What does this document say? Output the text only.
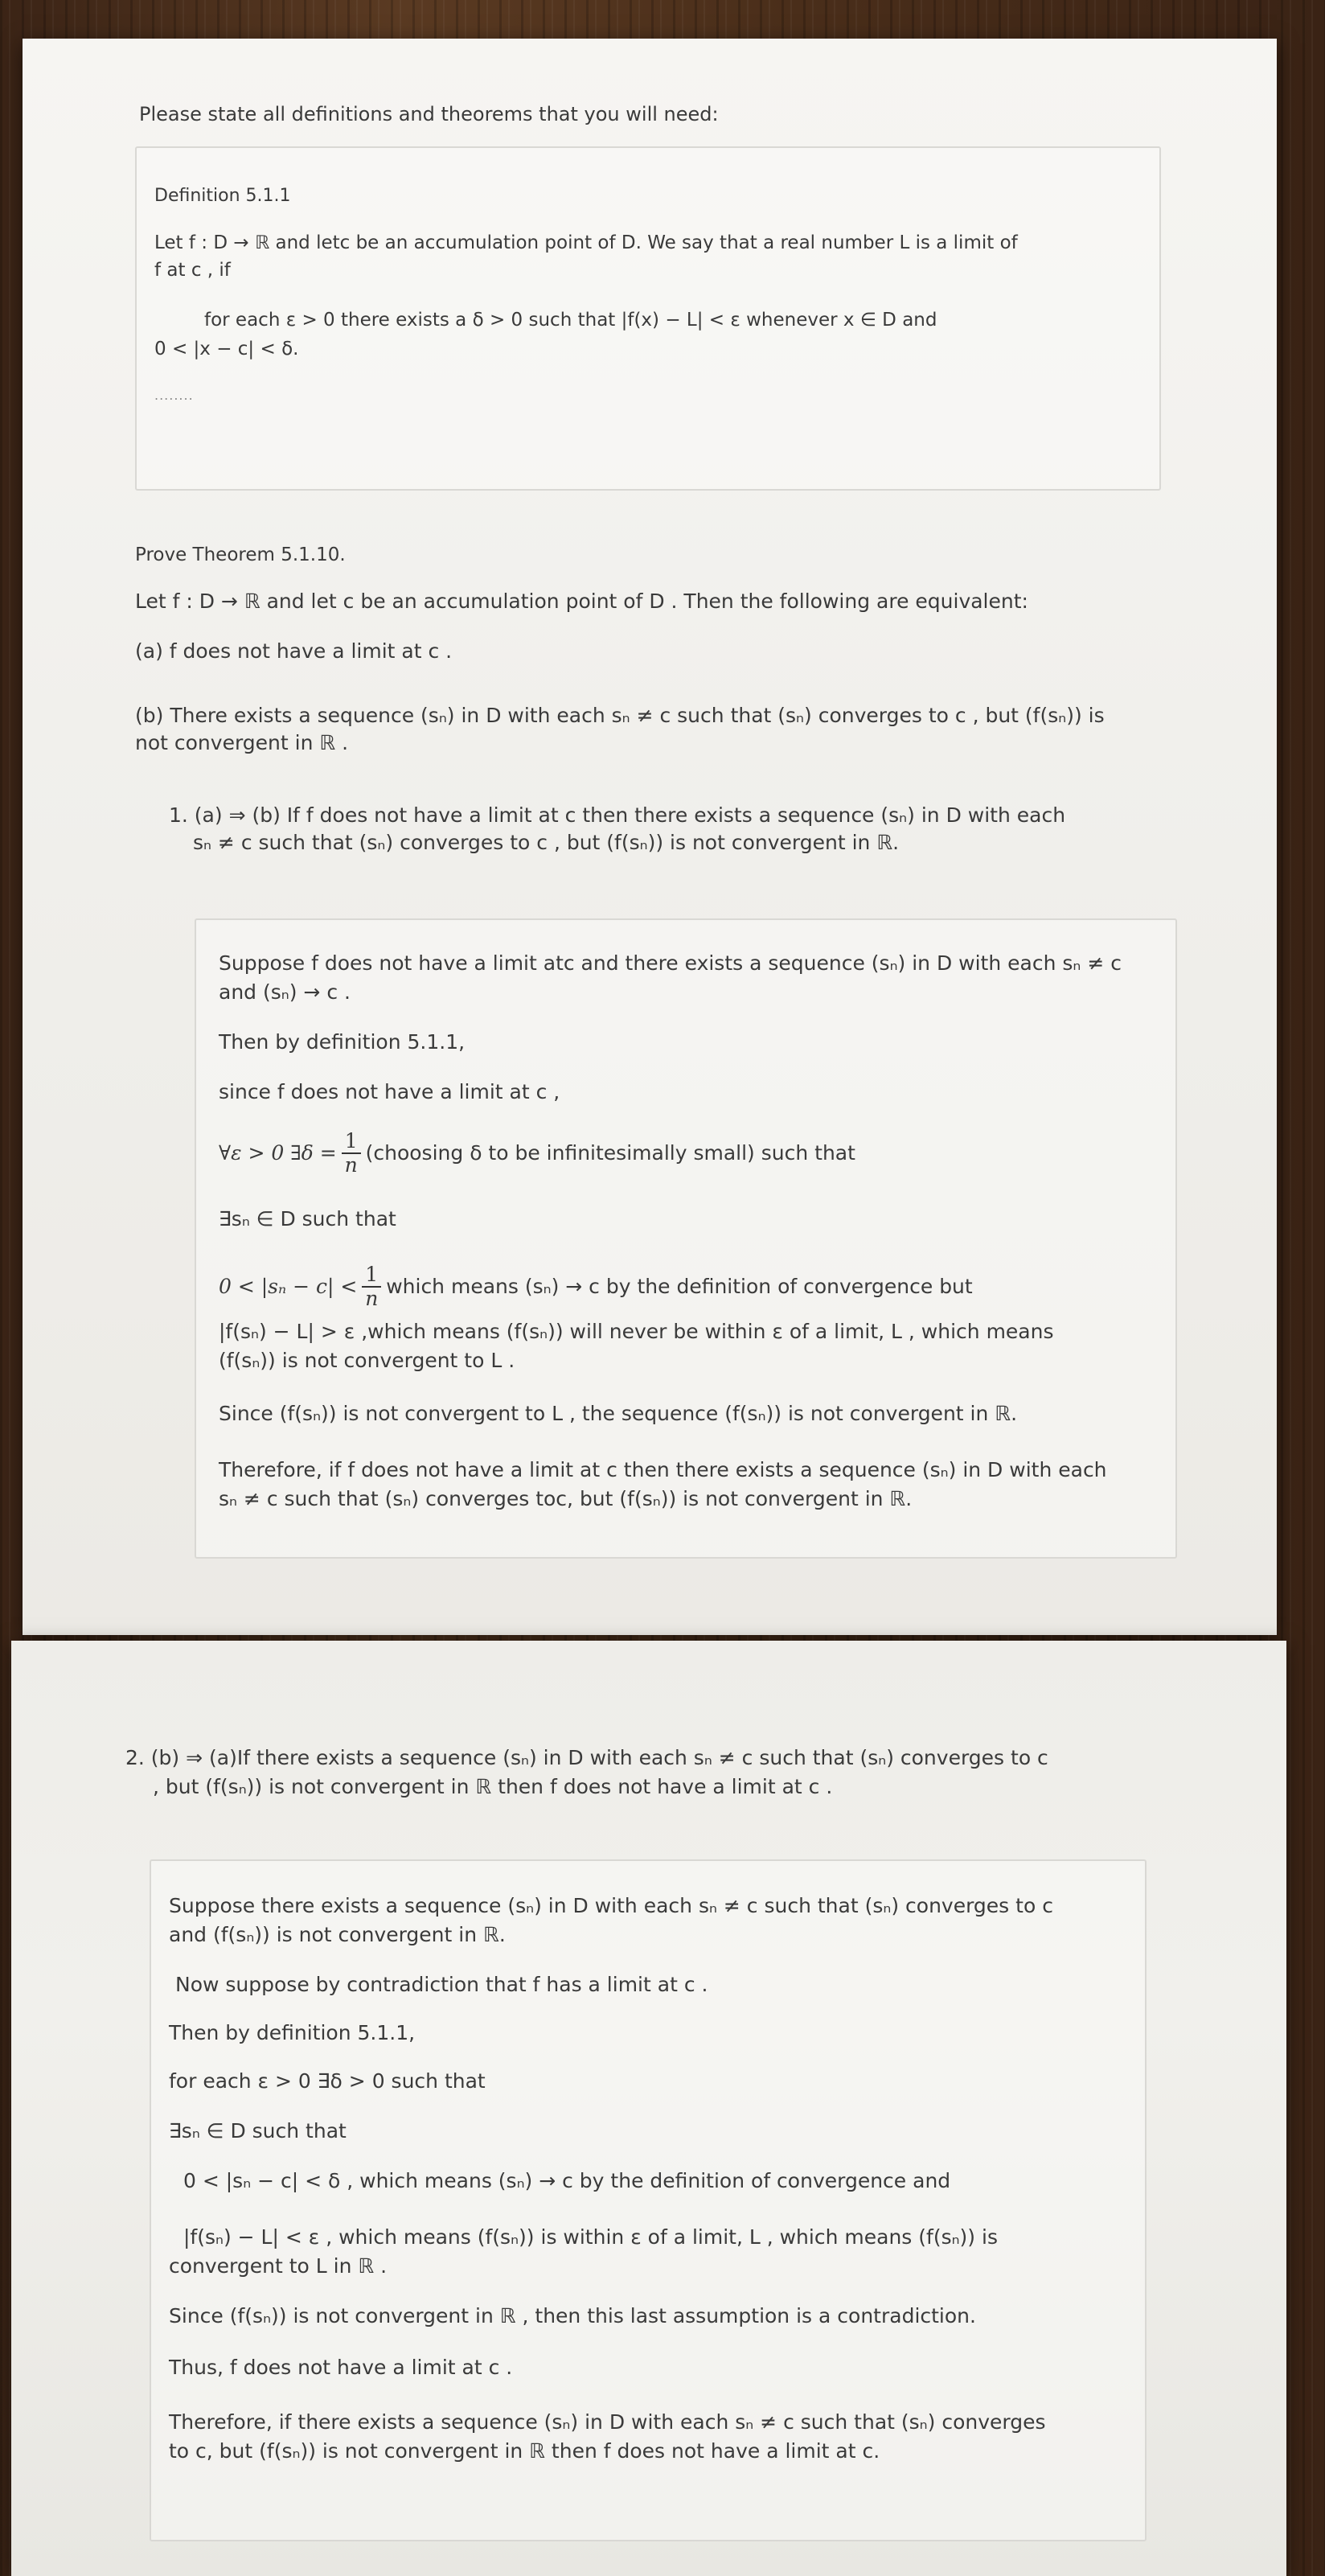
Please state all definitions and theorems that you will need:
Definition 5.1.1
Let f : D → ℝ and letc be an accumulation point of D. We say that a real number L is a limit of
f at c , if
for each ε > 0 there exists a δ > 0 such that |f(x) − L| < ε whenever x ∈ D and
0 < |x − c| < δ.
........
Prove Theorem 5.1.10.
Let f : D → ℝ and let c be an accumulation point of D . Then the following are equivalent:
(a) f does not have a limit at c .
(b) There exists a sequence (sₙ) in D with each sₙ ≠ c such that (sₙ) converges to c , but (f(sₙ)) is
not convergent in ℝ .
1. (a) ⇒ (b) If f does not have a limit at c then there exists a sequence (sₙ) in D with each
sₙ ≠ c such that (sₙ) converges to c , but (f(sₙ)) is not convergent in ℝ.
Suppose f does not have a limit atc and there exists a sequence (sₙ) in D with each sₙ ≠ c
and (sₙ) → c .
Then by definition 5.1.1,
since f does not have a limit at c ,
∀ε > 0 ∃δ = $\frac{1}{n}$ (choosing δ to be infinitesimally small) such that
∃sₙ ∈ D such that
$0 < |s_n - c| < \frac{1}{n}$ which means (sₙ) → c by the definition of convergence but
|f(sₙ) − L| > ε ,which means (f(sₙ)) will never be within ε of a limit, L , which means
(f(sₙ)) is not convergent to L .
Since (f(sₙ)) is not convergent to L , the sequence (f(sₙ)) is not convergent in ℝ.
Therefore, if f does not have a limit at c then there exists a sequence (sₙ) in D with each
sₙ ≠ c such that (sₙ) converges toc, but (f(sₙ)) is not convergent in ℝ.
2. (b) ⇒ (a)If there exists a sequence (sₙ) in D with each sₙ ≠ c such that (sₙ) converges to c
, but (f(sₙ)) is not convergent in ℝ then f does not have a limit at c .
Suppose there exists a sequence (sₙ) in D with each sₙ ≠ c such that (sₙ) converges to c
and (f(sₙ)) is not convergent in ℝ.
Now suppose by contradiction that f has a limit at c .
Then by definition 5.1.1,
for each ε > 0 ∃δ > 0 such that
∃sₙ ∈ D such that
0 < |sₙ − c| < δ , which means (sₙ) → c by the definition of convergence and
|f(sₙ) − L| < ε , which means (f(sₙ)) is within ε of a limit, L , which means (f(sₙ)) is
convergent to L in ℝ .
Since (f(sₙ)) is not convergent in ℝ , then this last assumption is a contradiction.
Thus, f does not have a limit at c .
Therefore, if there exists a sequence (sₙ) in D with each sₙ ≠ c such that (sₙ) converges
to c, but (f(sₙ)) is not convergent in ℝ then f does not have a limit at c.
